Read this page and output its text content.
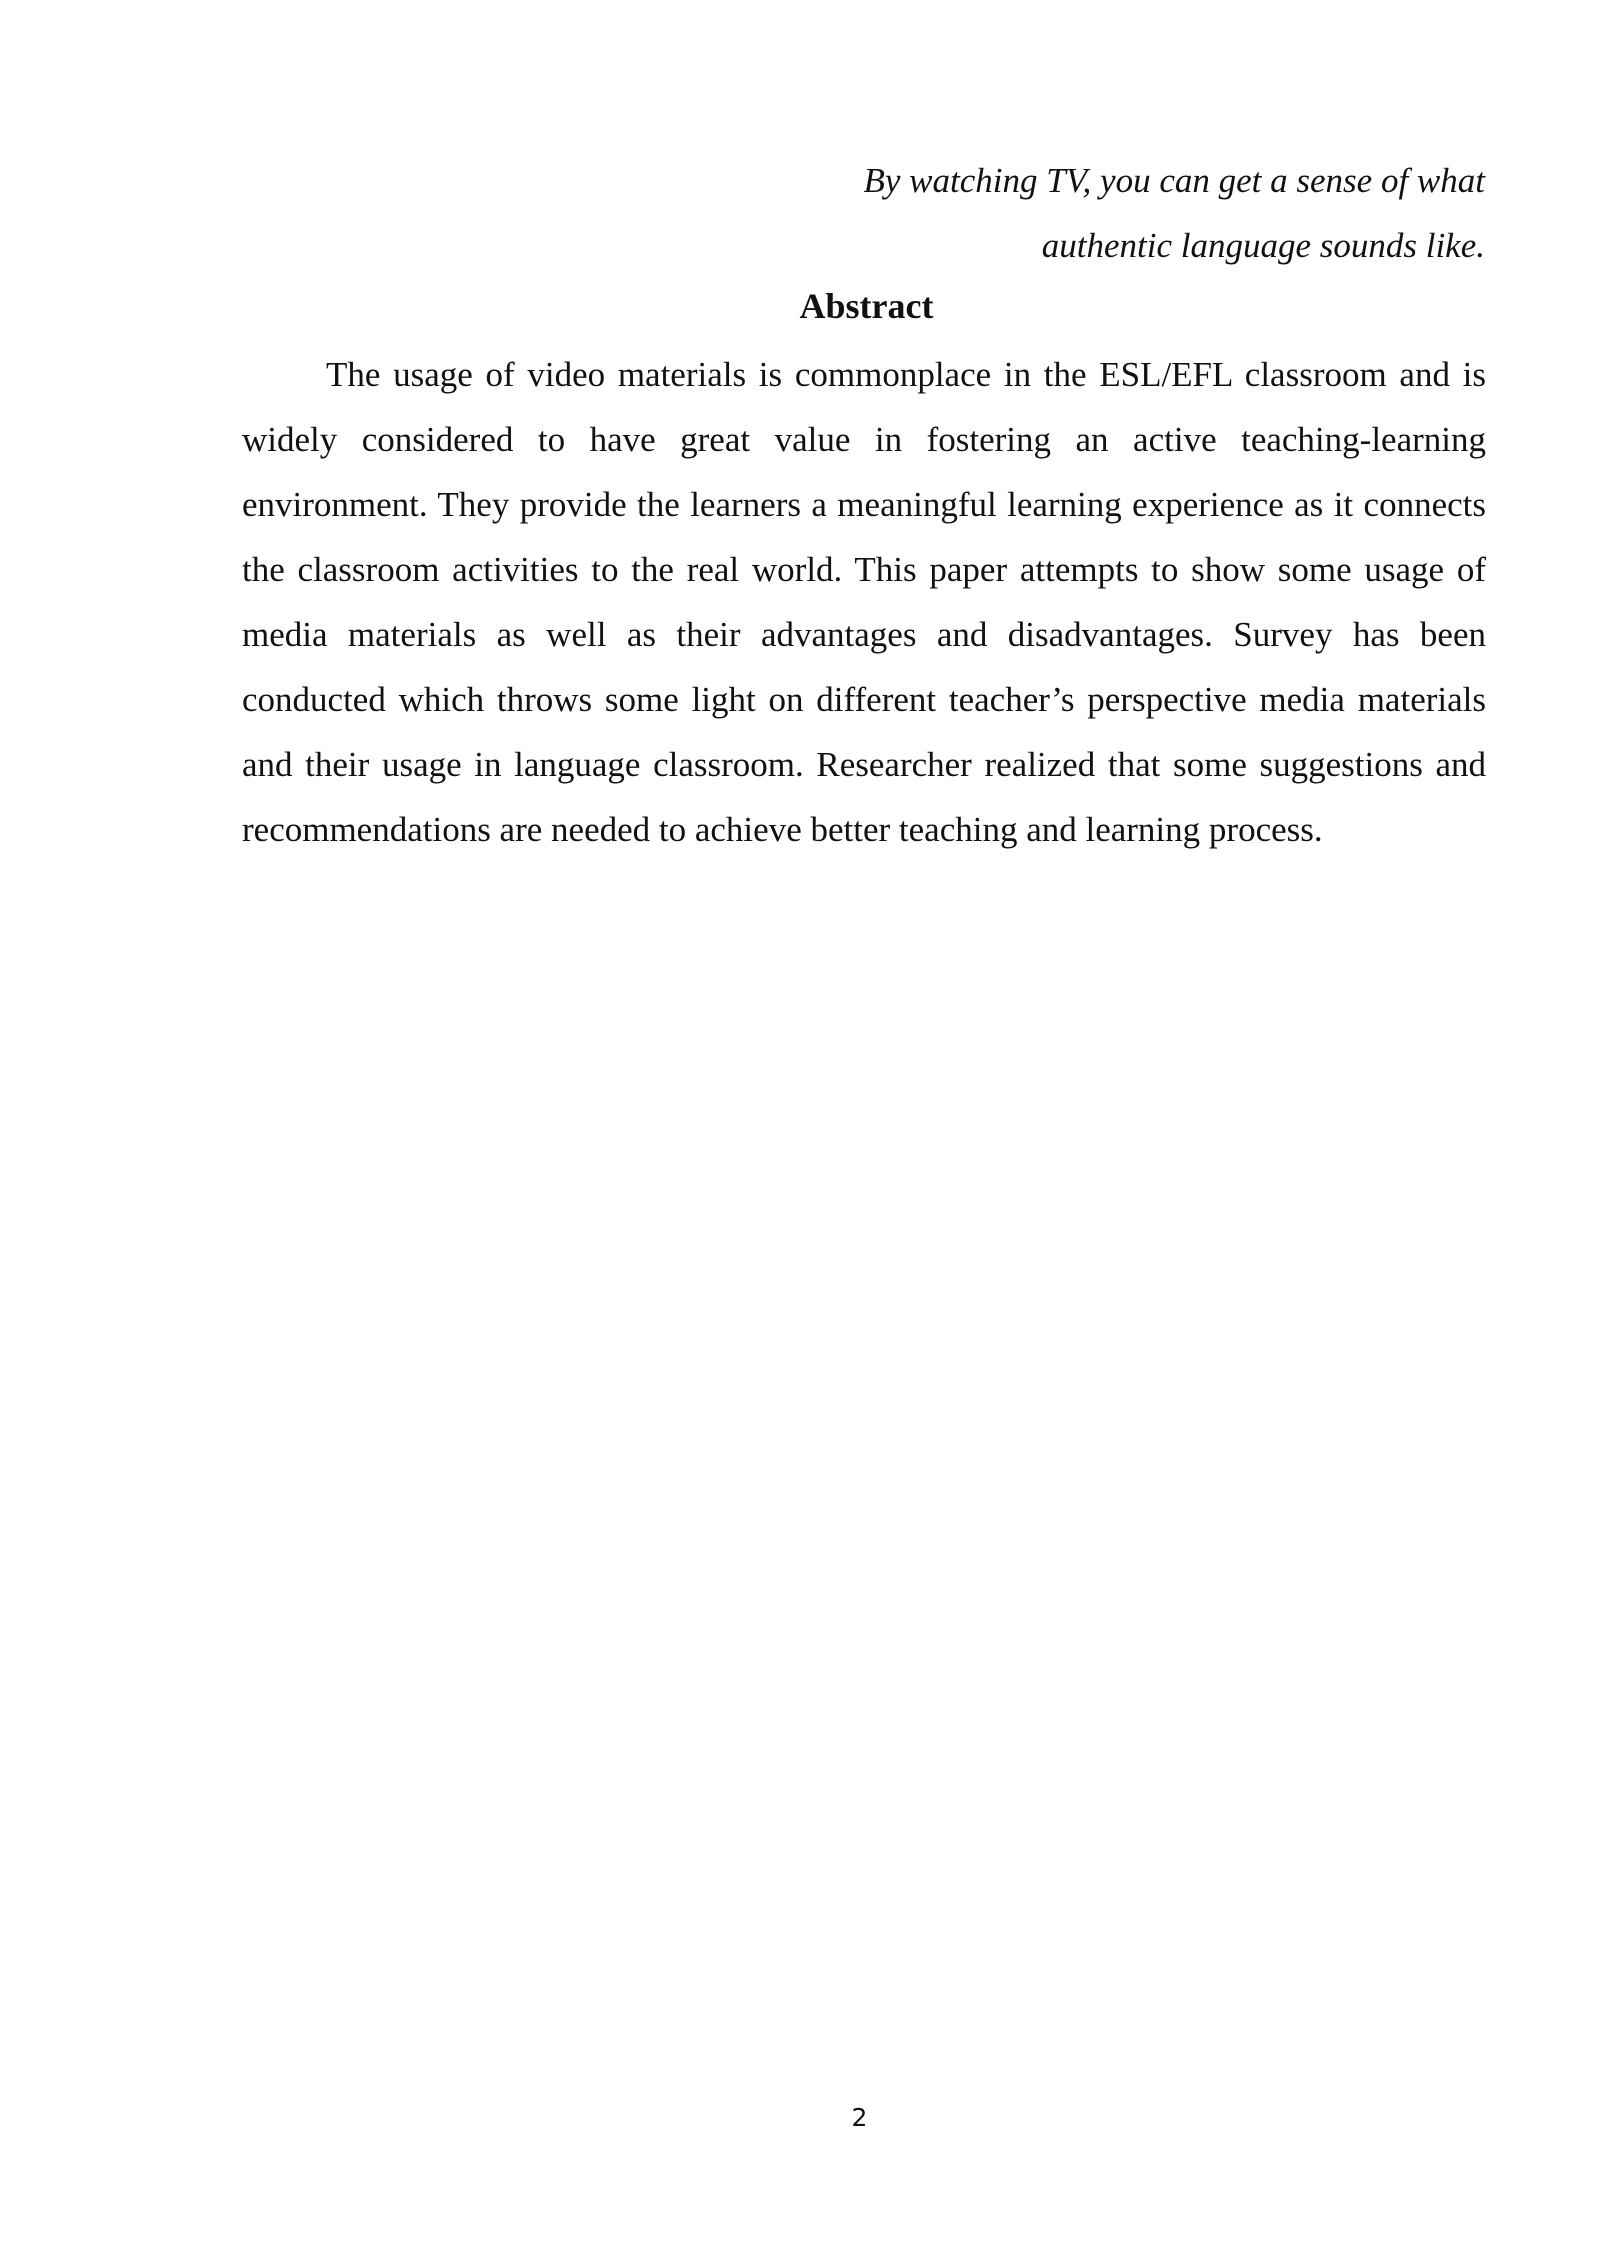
By watching TV, you can get a sense of what
authentic language sounds like.
Abstract

The usage of video materials is commonplace in the ESL/EFL classroom and is widely considered to have great value in fostering an active teaching-learning environment. They provide the learners a meaningful learning experience as it connects the classroom activities to the real world. This paper attempts to show some usage of media materials as well as their advantages and disadvantages. Survey has been conducted which throws some light on different teacher’s perspective media materials and their usage in language classroom. Researcher realized that some suggestions and recommendations are needed to achieve better teaching and learning process.

2
